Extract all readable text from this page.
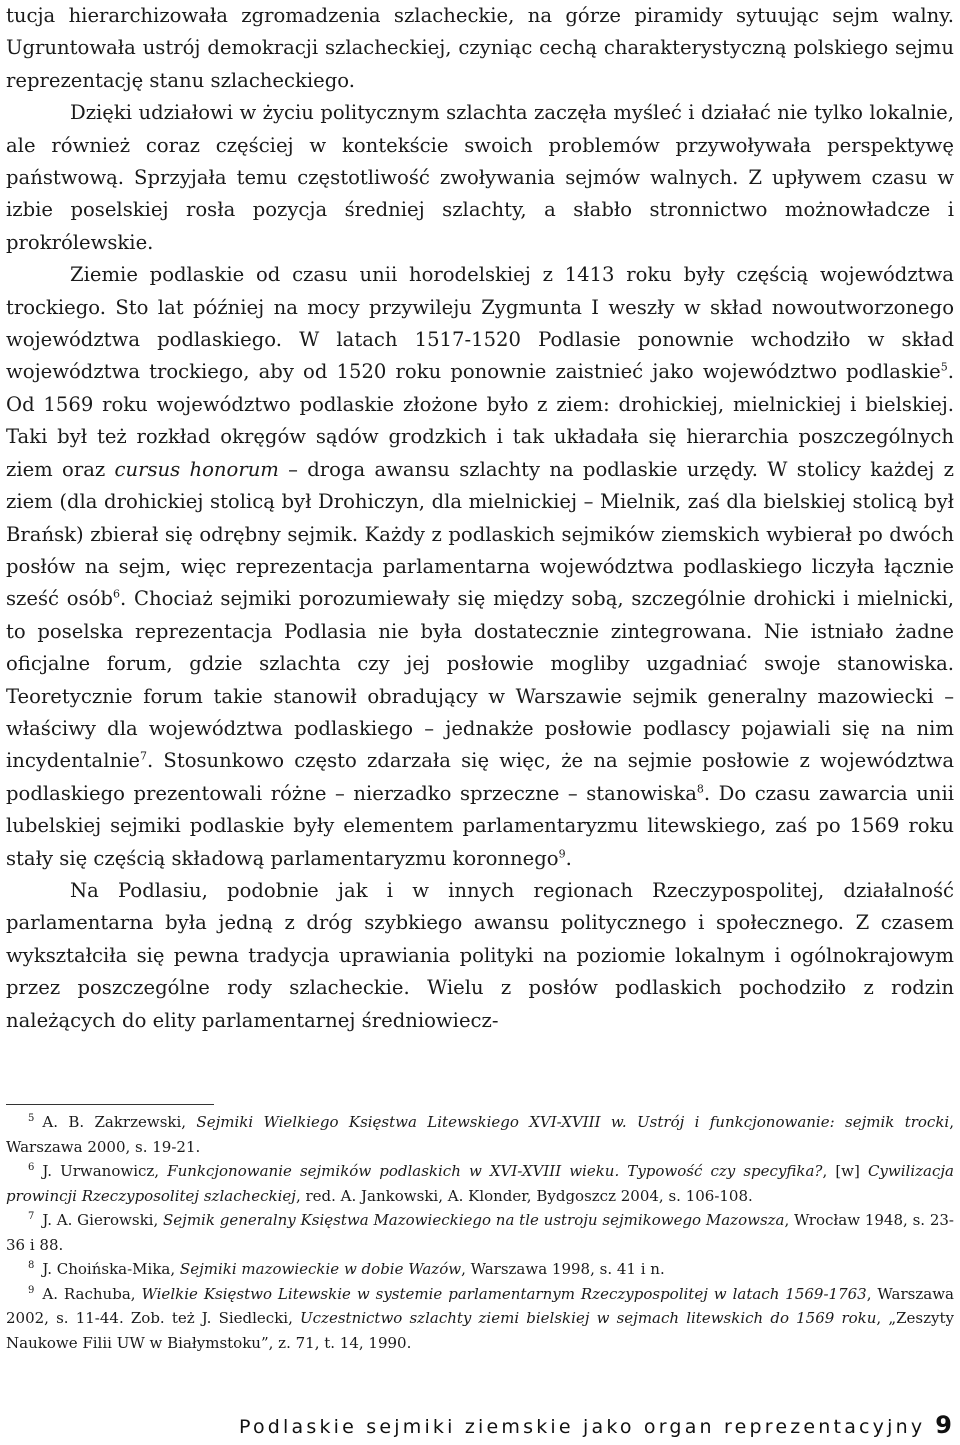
tucja hierarchizowała zgromadzenia szlacheckie, na górze piramidy sytuując sejm walny. Ugruntowała ustrój demokracji szlacheckiej, czyniąc cechą charakterystyczną polskiego sejmu reprezentację stanu szlacheckiego.

Dzięki udziałowi w życiu politycznym szlachta zaczęła myśleć i działać nie tylko lokalnie, ale również coraz częściej w kontekście swoich problemów przywoływała perspektywę państwową. Sprzyjała temu częstotliwość zwoływania sejmów walnych. Z upływem czasu w izbie poselskiej rosła pozycja średniej szlachty, a słabło stronnictwo możnowładcze i prokrólewskie.

Ziemie podlaskie od czasu unii horodelskiej z 1413 roku były częścią województwa trockiego. Sto lat później na mocy przywileju Zygmunta I weszły w skład nowoutworzonego województwa podlaskiego. W latach 1517-1520 Podlasie ponownie wchodziło w skład województwa trockiego, aby od 1520 roku ponownie zaistnieć jako województwo podlaskie$^5$. Od 1569 roku województwo podlaskie złożone było z ziem: drohickiej, mielnickiej i bielskiej. Taki był też rozkład okręgów sądów grodzkich i tak układała się hierarchia poszczególnych ziem oraz cursus honorum – droga awansu szlachty na podlaskie urzędy. W stolicy każdej z ziem (dla drohickiej stolicą był Drohiczyn, dla mielnickiej – Mielnik, zaś dla bielskiej stolicą był Brańsk) zbierał się odrębny sejmik. Każdy z podlaskich sejmików ziemskich wybierał po dwóch posłów na sejm, więc reprezentacja parlamentarna województwa podlaskiego liczyła łącznie sześć osób$^6$. Chociaż sejmiki porozumiewały się między sobą, szczególnie drohicki i mielnicki, to poselska reprezentacja Podlasia nie była dostatecznie zintegrowana. Nie istniało żadne oficjalne forum, gdzie szlachta czy jej posłowie mogliby uzgadniać swoje stanowiska. Teoretycznie forum takie stanowił obradujący w Warszawie sejmik generalny mazowiecki – właściwy dla województwa podlaskiego – jednakże posłowie podlascy pojawiali się na nim incydentalnie$^7$. Stosunkowo często zdarzała się więc, że na sejmie posłowie z województwa podlaskiego prezentowali różne – nierzadko sprzeczne – stanowiska$^8$. Do czasu zawarcia unii lubelskiej sejmiki podlaskie były elementem parlamentaryzmu litewskiego, zaś po 1569 roku stały się częścią składową parlamentaryzmu koronnego$^9$.

Na Podlasiu, podobnie jak i w innych regionach Rzeczypospolitej, działalność parlamentarna była jedną z dróg szybkiego awansu politycznego i społecznego. Z czasem wykształciła się pewna tradycja uprawiania polityki na poziomie lokalnym i ogólnokrajowym przez poszczególne rody szlacheckie. Wielu z posłów podlaskich pochodziło z rodzin należących do elity parlamentarnej średniowiecz-

$^5$ A. B. Zakrzewski, Sejmiki Wielkiego Księstwa Litewskiego XVI-XVIII w. Ustrój i funkcjonowanie: sejmik trocki, Warszawa 2000, s. 19-21.

$^6$ J. Urwanowicz, Funkcjonowanie sejmików podlaskich w XVI-XVIII wieku. Typowość czy specyfika?, [w] Cywilizacja prowincji Rzeczyposolitej szlacheckiej, red. A. Jankowski, A. Klonder, Bydgoszcz 2004, s. 106-108.

$^7$ J. A. Gierowski, Sejmik generalny Księstwa Mazowieckiego na tle ustroju sejmikowego Mazowsza, Wrocław 1948, s. 23-36 i 88.

$^8$ J. Choińska-Mika, Sejmiki mazowieckie w dobie Wazów, Warszawa 1998, s. 41 i n.

$^9$ A. Rachuba, Wielkie Księstwo Litewskie w systemie parlamentarnym Rzeczypospolitej w latach 1569-1763, Warszawa 2002, s. 11-44. Zob. też J. Siedlecki, Uczestnictwo szlachty ziemi bielskiej w sejmach litewskich do 1569 roku, „Zeszyty Naukowe Filii UW w Białymstoku”, z. 71, t. 14, 1990.

Podlaskie sejmiki ziemskie jako organ reprezentacyjny 9
